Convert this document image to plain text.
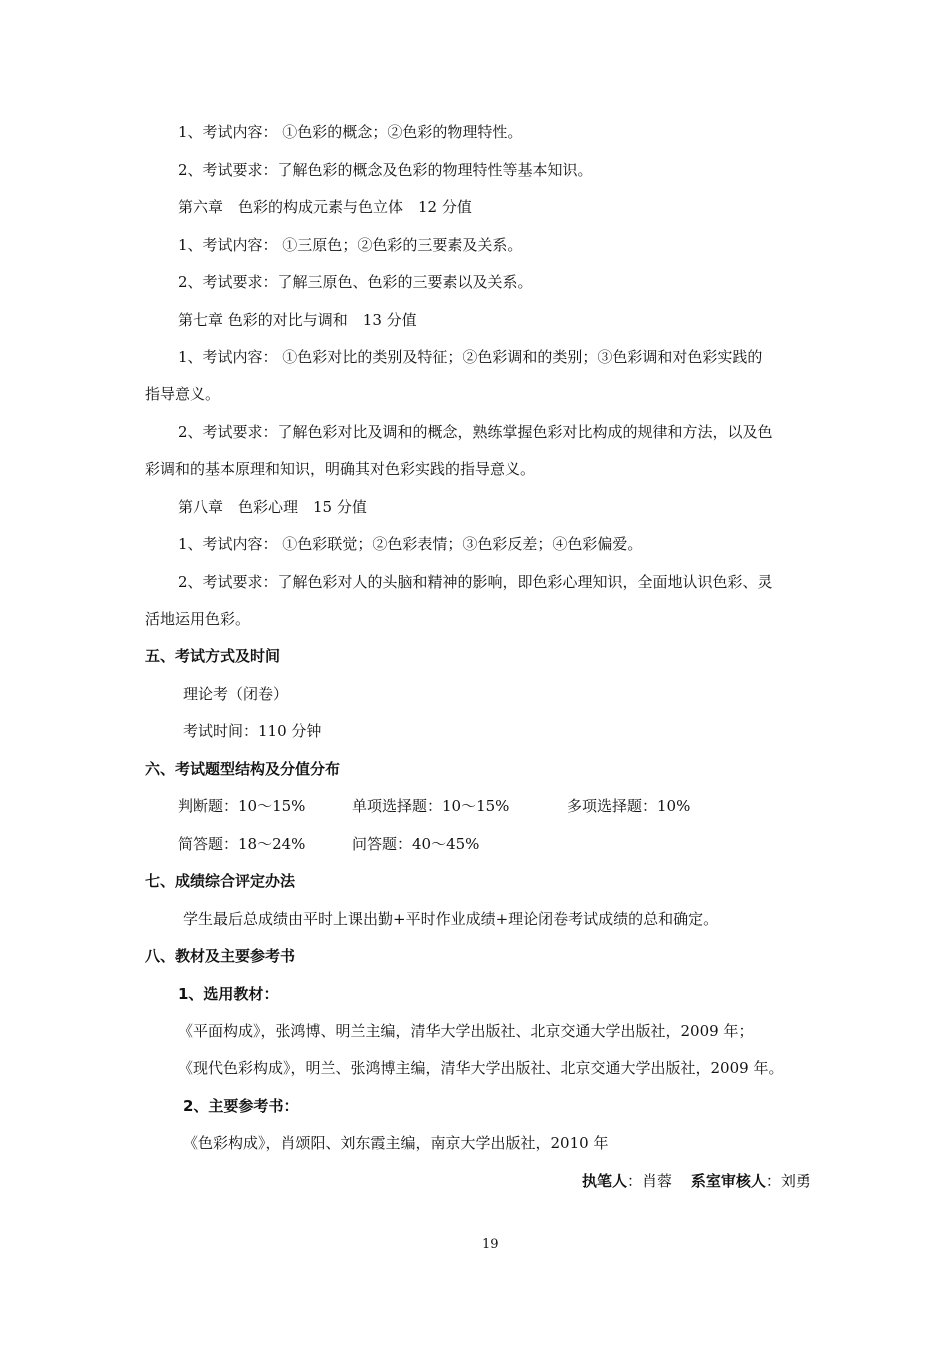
1、考试内容： ①色彩的概念；②色彩的物理特性。
2、考试要求：了解色彩的概念及色彩的物理特性等基本知识。
第六章　色彩的构成元素与色立体　12 分值
1、考试内容： ①三原色；②色彩的三要素及关系。
2、考试要求：了解三原色、色彩的三要素以及关系。
第七章 色彩的对比与调和　13 分值
1、考试内容： ①色彩对比的类别及特征；②色彩调和的类别；③色彩调和对色彩实践的
指导意义。
2、考试要求：了解色彩对比及调和的概念，熟练掌握色彩对比构成的规律和方法，以及色
彩调和的基本原理和知识，明确其对色彩实践的指导意义。
第八章　色彩心理　15 分值
1、考试内容： ①色彩联觉；②色彩表情；③色彩反差；④色彩偏爱。
2、考试要求：了解色彩对人的头脑和精神的影响，即色彩心理知识，全面地认识色彩、灵
活地运用色彩。
五、考试方式及时间
理论考（闭卷）
考试时间：110 分钟
六、考试题型结构及分值分布
判断题：10～15%	单项选择题：10～15%	多项选择题：10%
简答题：18～24%	问答题：40～45%
七、成绩综合评定办法
学生最后总成绩由平时上课出勤+平时作业成绩+理论闭卷考试成绩的总和确定。
八、教材及主要参考书
1、选用教材：
《平面构成》，张鸿博、明兰主编，清华大学出版社、北京交通大学出版社，2009 年；
《现代色彩构成》，明兰、张鸿博主编，清华大学出版社、北京交通大学出版社，2009 年。
2、主要参考书：
《色彩构成》，肖颂阳、刘东霞主编，南京大学出版社，2010 年
执笔人：肖蓉 系室审核人：刘勇
19
